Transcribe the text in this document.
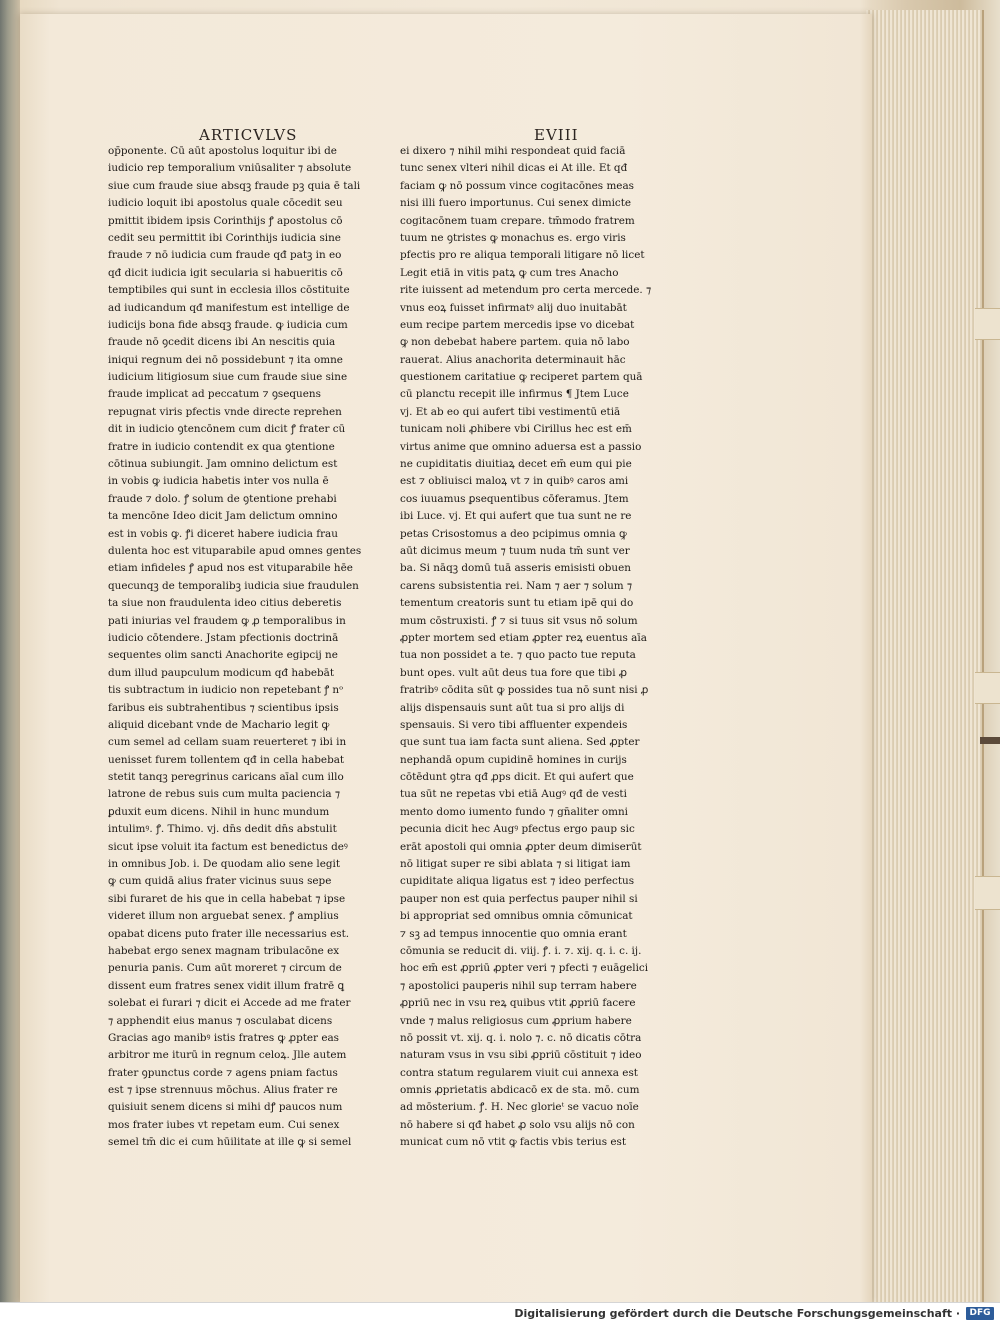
ARTICVLVS	EVIII
op̄ponente. Cū aūt apostolus loquitur ibi de
iudicio rep temporalium vniūsaliter ⁊ absolute
siue cum fraude siue absqꝫ fraude pꝫ quia ē tali
iudicio loquit ibi apostolus quale cōcedit seu
pmittit ibidem ipsis Corinthijs ꝭ apostolus cō
cedit seu permittit ibi Corinthijs iudicia sine
fraude ⁊ nō iudicia cum fraude qđ patꝫ in eo
qđ dicit iudicia igit secularia si habueritis cō
temptibiles qui sunt in ecclesia illos cōstituite
ad iudicandum qđ manifestum est intellige de
iudicijs bona fide absqꝫ fraude. ꝙ iudicia cum
fraude nō ꝯcedit dicens ibi An nescitis quia
iniqui regnum dei nō possidebunt ⁊ ita omne
iudicium litigiosum siue cum fraude siue sine
fraude implicat ad peccatum ⁊ ꝯsequens
repugnat viris pfectis vnde directe reprehen
dit in iudicio ꝯtencōnem cum dicit ꝭ frater cū
fratre in iudicio contendit ex qua ꝯtentione
cōtinua subiungit. Jam omnino delictum est
in vobis ꝙ iudicia habetis inter vos nulla ē
fraude ⁊ dolo. ꝭ solum de ꝯtentione prehabi
ta mencōne Ideo dicit Jam delictum omnino
est in vobis ꝙ. ꝭi diceret habere iudicia frau
dulenta hoc est vituparabile apud omnes gentes
etiam infideles ꝭ apud nos est vituparabile hēe
quecunqꝫ de temporalibꝫ iudicia siue fraudulen
ta siue non fraudulenta ideo citius deberetis
pati iniurias vel fraudem ꝙ ꝓ temporalibus in
iudicio cōtendere. Jstam pfectionis doctrinā
sequentes olim sancti Anachorite egipcij ne
dum illud paupculum modicum qđ habebāt
tis subtractum in iudicio non repetebant ꝭ nᵒ
faribus eis subtrahentibus ⁊ scientibus ipsis
aliquid dicebant vnde de Machario legit ꝙ
cum semel ad cellam suam reuerteret ⁊ ibi in
uenisset furem tollentem qđ in cella habebat
stetit tanqꝫ peregrinus caricans aīal cum illo
latrone de rebus suis cum multa paciencia ⁊
ꝑduxit eum dicens. Nihil in hunc mundum
intulimꝰ. ꝭ. Thimo. vj. dn̄s dedit dn̄s abstulit
sicut ipse voluit ita factum est benedictus deꝰ
in omnibus Job. i. De quodam alio sene legit
ꝙ cum quidā alius frater vicinus suus sepe
sibi furaret de his que in cella habebat ⁊ ipse
videret illum non arguebat senex. ꝭ amplius
opabat dicens puto frater ille necessarius est.
habebat ergo senex magnam tribulacōne ex
penuria panis. Cum aūt moreret ⁊ circum de
dissent eum fratres senex vidit illum fratrē ꝗ
solebat ei furari ⁊ dicit ei Accede ad me frater
⁊ apphendit eius manus ⁊ osculabat dicens
Gracias ago manibꝰ istis fratres ꝙ ꝓpter eas
arbitror me iturū in regnum celoꝝ. Jlle autem
frater ꝯpunctus corde ⁊ agens pniam factus
est ⁊ ipse strennuus mōchus. Alius frater re
quisiuit senem dicens si mihi dꝭ paucos num
mos frater iubes vt repetam eum. Cui senex
semel tm̄ dic ei cum hūilitate at ille ꝙ si semel
ei dixero ⁊ nihil mihi respondeat quid faciā
tunc senex vlteri nihil dicas ei At ille. Et qđ
faciam ꝙ nō possum vince cogitacōnes meas
nisi illi fuero importunus. Cui senex dimicte
cogitacōnem tuam crepare. tm̄modo fratrem
tuum ne ꝯtristes ꝙ monachus es. ergo viris
pfectis pro re aliqua temporali litigare nō licet
Legit etiā in vitis patꝝ ꝙ cum tres Anacho
rite iuissent ad metendum pro certa mercede. ⁊
vnus eoꝝ fuisset infirmatꝰ alij duo inuitabāt
eum recipe partem mercedis ipse vo dicebat
ꝙ non debebat habere partem. quia nō labo
rauerat. Alius anachorita determinauit hāc
questionem caritatiue ꝙ reciperet partem quā
cū planctu recepit ille infirmus ¶ Jtem Luce
vj. Et ab eo qui aufert tibi vestimentū etiā
tunicam noli ꝓhibere vbi Cirillus hec est em̄
virtus anime que omnino aduersa est a passio
ne cupiditatis diuitiaꝝ decet em̄ eum qui pie
est ⁊ obliuisci maloꝝ vt ⁊ in quibꝰ caros ami
cos iuuamus ꝑsequentibus cōferamus. Jtem
ibi Luce. vj. Et qui aufert que tua sunt ne re
petas Crisostomus a deo pcipimus omnia ꝙ
aūt dicimus meum ⁊ tuum nuda tm̄ sunt ver
ba. Si nāqꝫ domū tuā asseris emisisti obuen
carens subsistentia rei. Nam ⁊ aer ⁊ solum ⁊
tementum creatoris sunt tu etiam ipē qui do
mum cōstruxisti. ꝭ ⁊ si tuus sit vsus nō solum
ꝓpter mortem sed etiam ꝓpter reꝝ euentus aīa
tua non possidet a te. ⁊ quo pacto tue reputa
bunt opes. vult aūt deus tua fore que tibi ꝓ
fratribꝰ cōdita sūt ꝙ possides tua nō sunt nisi ꝓ
alijs dispensauis sunt aūt tua si pro alijs di
spensauis. Si vero tibi affluenter expendeis
que sunt tua iam facta sunt aliena. Sed ꝓpter
nephandā opum cupidinē homines in curijs
cōtēdunt ꝯtra qđ ꝓps dicit. Et qui aufert que
tua sūt ne repetas vbi etiā Augꝰ qđ de vesti
mento domo iumento fundo ⁊ gn̄aliter omni
pecunia dicit hec Augꝰ pfectus ergo paup sic
erāt apostoli qui omnia ꝓpter deum dimiserūt
nō litigat super re sibi ablata ⁊ si litigat iam
cupiditate aliqua ligatus est ⁊ ideo perfectus
pauper non est quia perfectus pauper nihil si
bi appropriat sed omnibus omnia cōmunicat
⁊ sꝫ ad tempus innocentie quo omnia erant
cōmunia se reducit di. viij. ꝭ. i. ⁊. xij. q. i. c. ij.
hoc em̄ est ꝓpriū ꝓpter veri ⁊ pfecti ⁊ euāgelici
⁊ apostolici pauperis nihil sup terram habere
ꝓpriū nec in vsu reꝝ quibus vtit ꝓpriū facere
vnde ⁊ malus religiosus cum ꝓprium habere
nō possit vt. xij. q. i. nolo ⁊. c. nō dicatis cōtra
naturam vsus in vsu sibi ꝓpriū cōstituit ⁊ ideo
contra statum regularem viuit cui annexa est
omnis ꝓprietatis abdicacō ex de sta. mō. cum
ad mōsterium. ꝭ. H. Nec glorieᵗ se vacuo noīe
nō habere si qđ habet ꝓ solo vsu alijs nō con
municat cum nō vtit ꝙ factis vbis terius est
Digitalisierung gefördert durch die Deutsche Forschungsgemeinschaft ·	DFG
